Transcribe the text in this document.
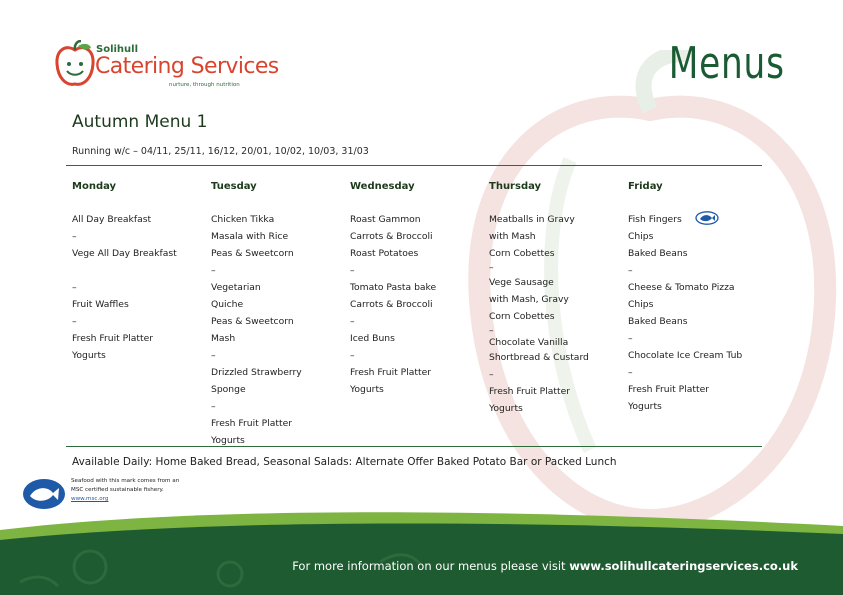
Solihull
Catering Services
nurture, through nutrition	Menus
Autumn Menu 1
Running w/c – 04/11, 25/11, 16/12, 20/01, 10/02, 10/03, 31/03
Monday
All Day Breakfast
–
Vege All Day Breakfast
–
Fruit Waffles
–
Fresh Fruit Platter
Yogurts
Tuesday
Chicken Tikka
Masala with Rice
Peas & Sweetcorn
–
Vegetarian
Quiche
Peas & Sweetcorn
Mash
–
Drizzled Strawberry
Sponge
–
Fresh Fruit Platter
Yogurts
Wednesday
Roast Gammon
Carrots & Broccoli
Roast Potatoes
–
Tomato Pasta bake
Carrots & Broccoli
–
Iced Buns
–
Fresh Fruit Platter
Yogurts
Thursday
Meatballs in Gravy
with Mash
Corn Cobettes
–
Vege Sausage
with Mash, Gravy
Corn Cobettes
–
Chocolate Vanilla
Shortbread & Custard
–
Fresh Fruit Platter
Yogurts
Friday
Fish Fingers
Chips
Baked Beans
–
Cheese & Tomato Pizza
Chips
Baked Beans
–
Chocolate Ice Cream Tub
–
Fresh Fruit Platter
Yogurts
Available Daily: Home Baked Bread, Seasonal Salads: Alternate Offer Baked Potato Bar or Packed Lunch
Seafood with this mark comes from an MSC certified sustainable fishery. www.msc.org
For more information on our menus please visit www.solihullcateringservices.co.uk
